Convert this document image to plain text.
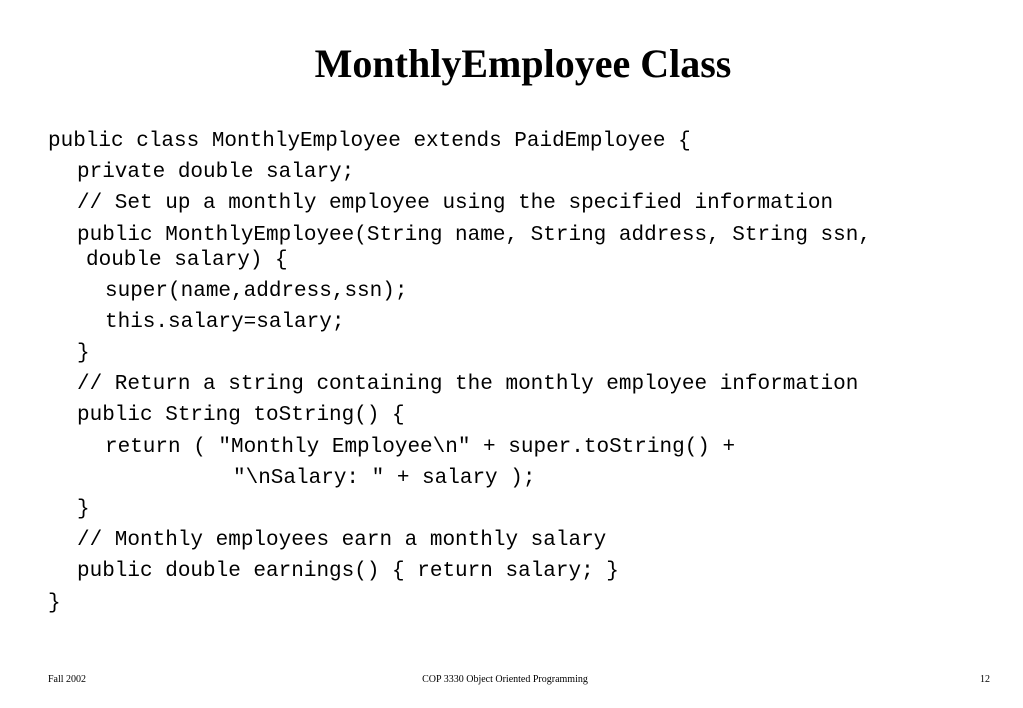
MonthlyEmployee Class

public class MonthlyEmployee extends PaidEmployee {

private double salary;

// Set up a monthly employee using the specified information

public MonthlyEmployee(String name, String address, String ssn,

double salary) {

super(name,address,ssn);

this.salary=salary;

}

// Return a string containing the monthly employee information

public String toString() {

return ( "Monthly Employee\n" + super.toString() +

"\nSalary: " + salary );

}

// Monthly employees earn a monthly salary

public double earnings() { return salary; }

}

Fall 2002	COP 3330 Object Oriented Programming	12
